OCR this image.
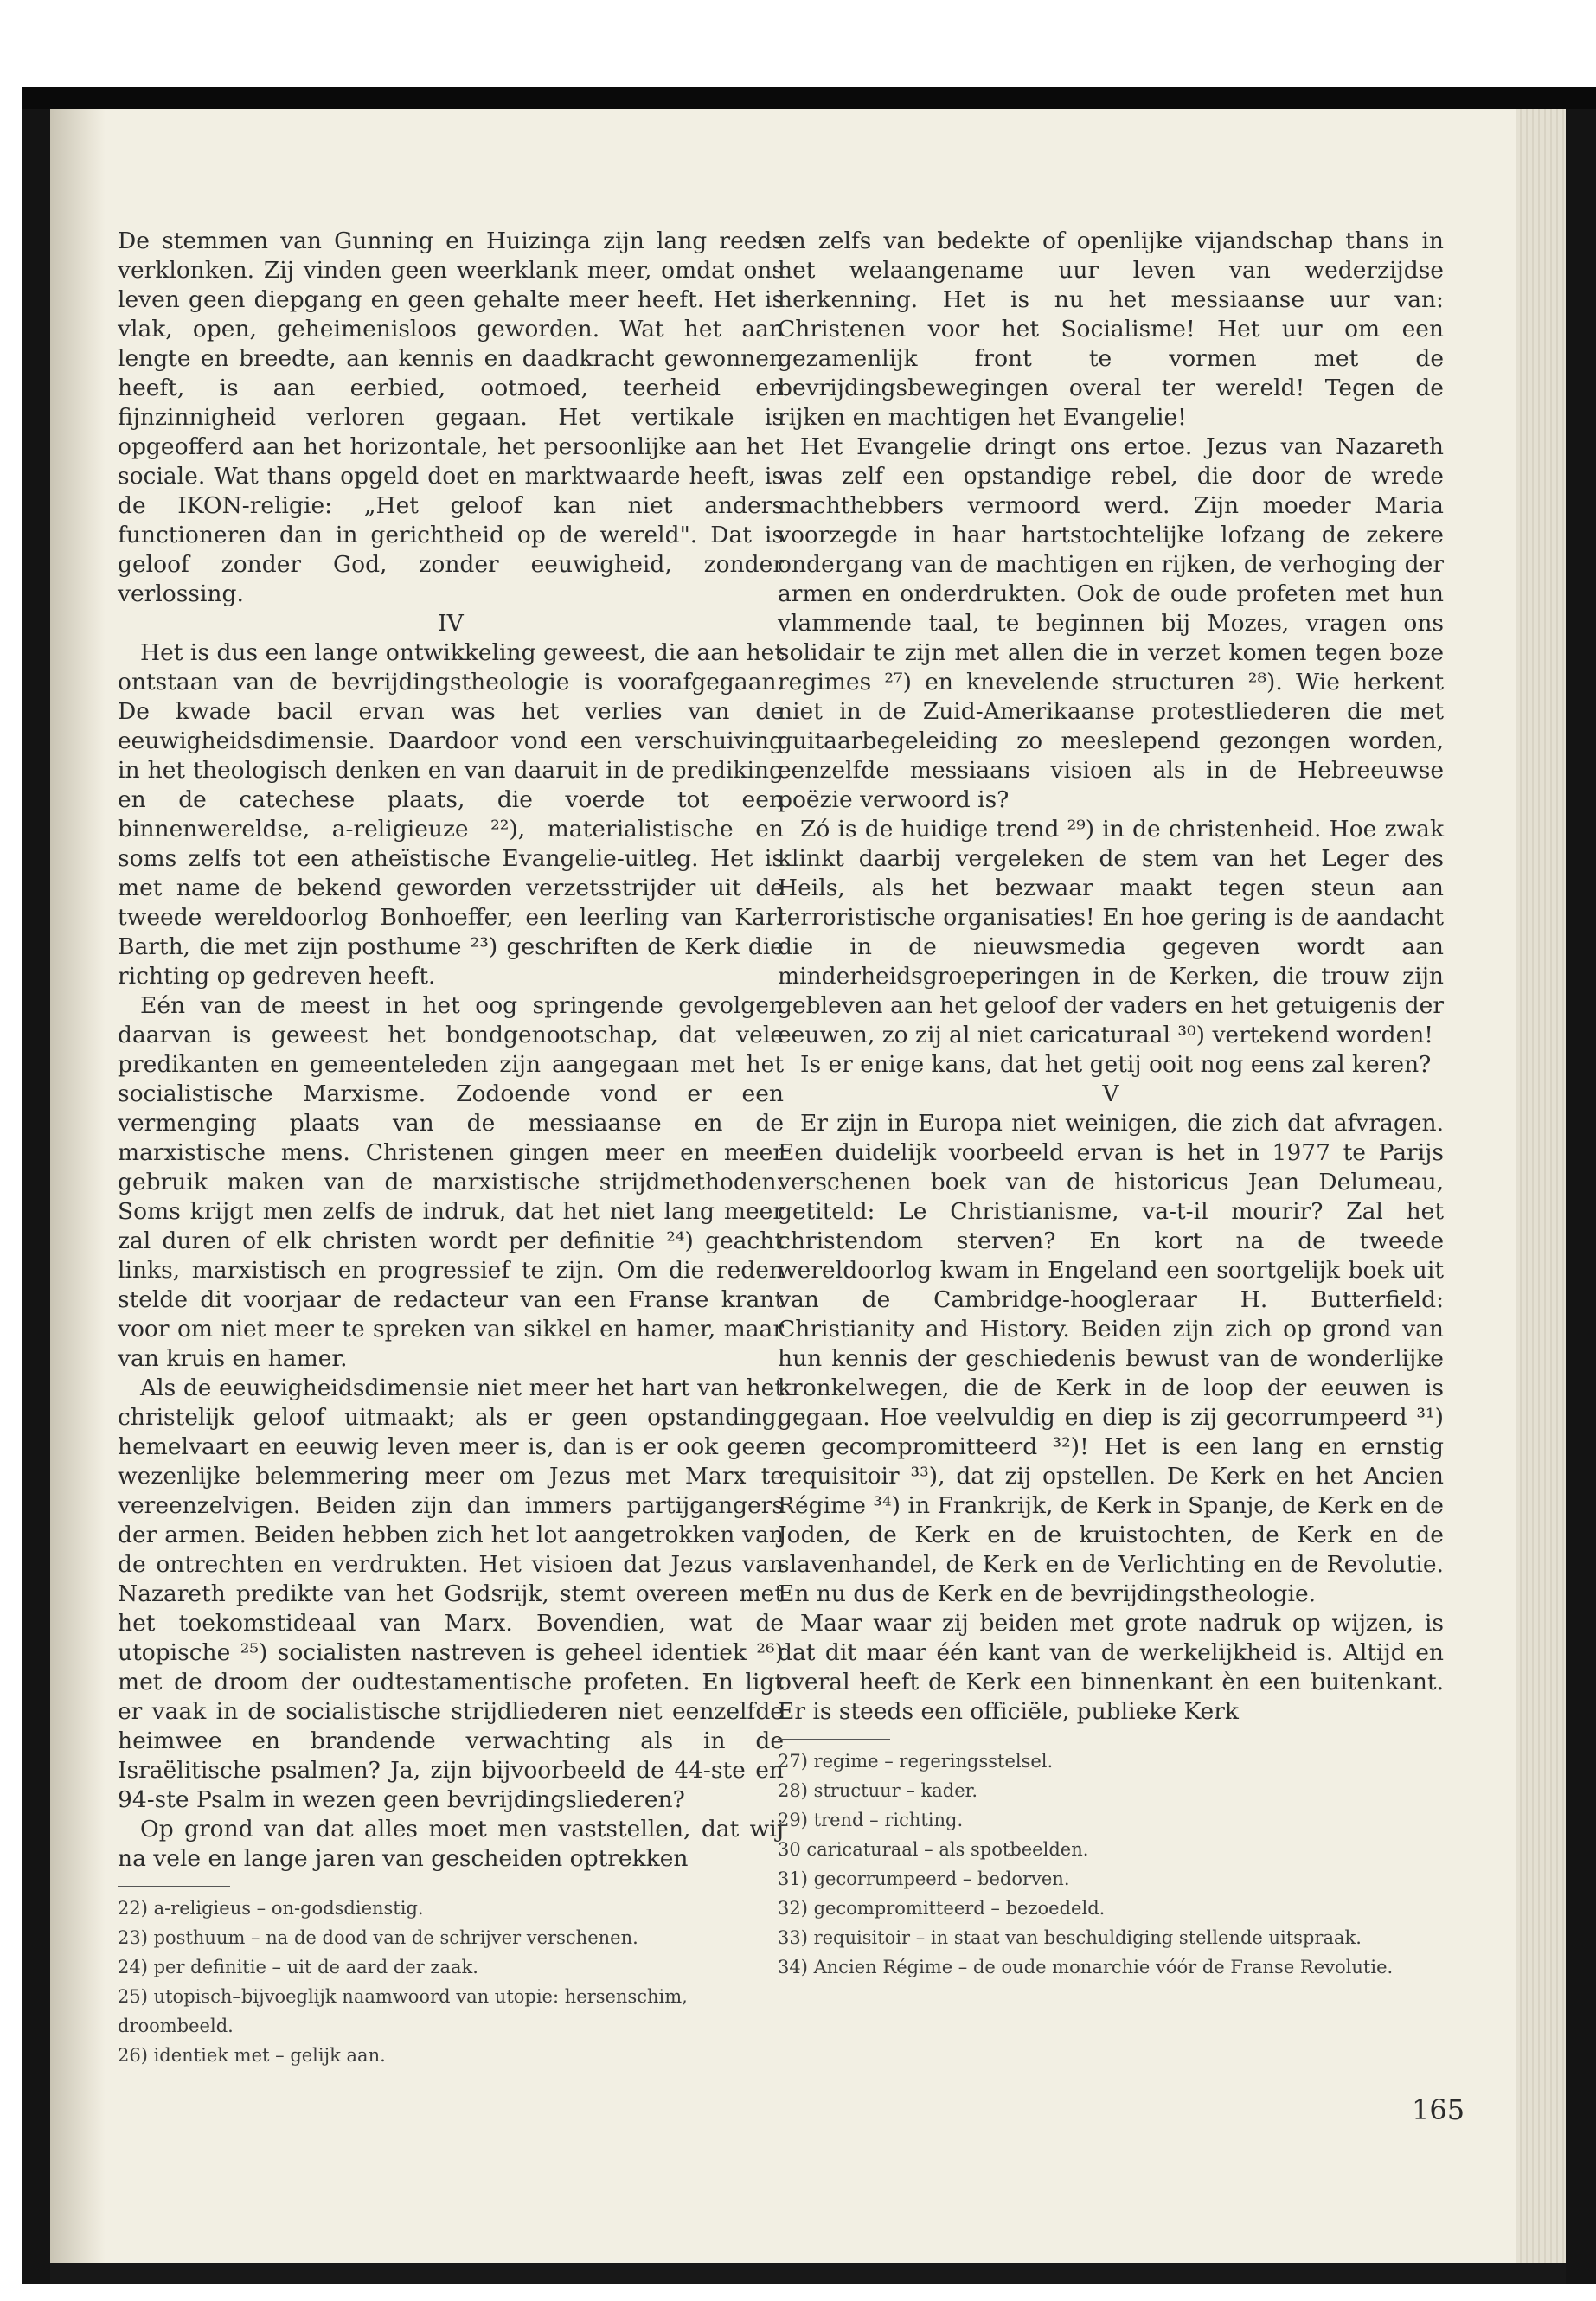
De stemmen van Gunning en Huizinga zijn lang reeds verklonken. Zij vinden geen weerklank meer, omdat ons leven geen diepgang en geen gehalte meer heeft. Het is vlak, open, geheimenisloos geworden. Wat het aan lengte en breedte, aan kennis en daadkracht gewonnen heeft, is aan eerbied, ootmoed, teerheid en fijnzinnigheid verloren gegaan. Het vertikale is opgeofferd aan het horizontale, het persoonlijke aan het sociale. Wat thans opgeld doet en marktwaarde heeft, is de IKON-religie: „Het geloof kan niet anders functioneren dan in gerichtheid op de wereld". Dat is geloof zonder God, zonder eeuwigheid, zonder verlossing.

IV

Het is dus een lange ontwikkeling geweest, die aan het ontstaan van de bevrijdingstheologie is voorafgegaan. De kwade bacil ervan was het verlies van de eeuwigheidsdimensie. Daardoor vond een verschuiving in het theologisch denken en van daaruit in de prediking en de catechese plaats, die voerde tot een binnenwereldse, a-religieuze ²²), materialistische en soms zelfs tot een atheïstische Evangelie-uitleg. Het is met name de bekend geworden verzetsstrijder uit de tweede wereldoorlog Bonhoeffer, een leerling van Karl Barth, die met zijn posthume ²³) geschriften de Kerk die richting op gedreven heeft.

Eén van de meest in het oog springende gevolgen daarvan is geweest het bondgenootschap, dat vele predikanten en gemeenteleden zijn aangegaan met het socialistische Marxisme. Zodoende vond er een vermenging plaats van de messiaanse en de marxistische mens. Christenen gingen meer en meer gebruik maken van de marxistische strijdmethoden. Soms krijgt men zelfs de indruk, dat het niet lang meer zal duren of elk christen wordt per definitie ²⁴) geacht links, marxistisch en progressief te zijn. Om die reden stelde dit voorjaar de redacteur van een Franse krant voor om niet meer te spreken van sikkel en hamer, maar van kruis en hamer.

Als de eeuwigheidsdimensie niet meer het hart van het christelijk geloof uitmaakt; als er geen opstanding, hemelvaart en eeuwig leven meer is, dan is er ook geen wezenlijke belemmering meer om Jezus met Marx te vereenzelvigen. Beiden zijn dan immers partijgangers der armen. Beiden hebben zich het lot aangetrokken van de ontrechten en verdrukten. Het visioen dat Jezus van Nazareth predikte van het Godsrijk, stemt overeen met het toekomstideaal van Marx. Bovendien, wat de utopische ²⁵) socialisten nastreven is geheel identiek ²⁶) met de droom der oudtestamentische profeten. En ligt er vaak in de socialistische strijdliederen niet eenzelfde heimwee en brandende verwachting als in de Israëlitische psalmen? Ja, zijn bijvoorbeeld de 44-ste en 94-ste Psalm in wezen geen bevrijdingsliederen?

Op grond van dat alles moet men vaststellen, dat wij na vele en lange jaren van gescheiden optrekken

22) a-religieus – on-godsdienstig.

23) posthuum – na de dood van de schrijver verschenen.

24) per definitie – uit de aard der zaak.

25) utopisch–bijvoeglijk naamwoord van utopie: hersenschim, droombeeld.

26) identiek met – gelijk aan.

en zelfs van bedekte of openlijke vijandschap thans in het welaangename uur leven van wederzijdse herkenning. Het is nu het messiaanse uur van: Christenen voor het Socialisme! Het uur om een gezamenlijk front te vormen met de bevrijdingsbewegingen overal ter wereld! Tegen de rijken en machtigen het Evangelie!

Het Evangelie dringt ons ertoe. Jezus van Nazareth was zelf een opstandige rebel, die door de wrede machthebbers vermoord werd. Zijn moeder Maria voorzegde in haar hartstochtelijke lofzang de zekere ondergang van de machtigen en rijken, de verhoging der armen en onderdrukten. Ook de oude profeten met hun vlammende taal, te beginnen bij Mozes, vragen ons solidair te zijn met allen die in verzet komen tegen boze regimes ²⁷) en knevelende structuren ²⁸). Wie herkent niet in de Zuid-Amerikaanse protestliederen die met guitaarbegeleiding zo meeslepend gezongen worden, eenzelfde messiaans visioen als in de Hebreeuwse poëzie verwoord is?

Zó is de huidige trend ²⁹) in de christenheid. Hoe zwak klinkt daarbij vergeleken de stem van het Leger des Heils, als het bezwaar maakt tegen steun aan terroristische organisaties! En hoe gering is de aandacht die in de nieuwsmedia gegeven wordt aan minderheidsgroeperingen in de Kerken, die trouw zijn gebleven aan het geloof der vaders en het getuigenis der eeuwen, zo zij al niet caricaturaal ³⁰) vertekend worden!

Is er enige kans, dat het getij ooit nog eens zal keren?

V

Er zijn in Europa niet weinigen, die zich dat afvragen. Een duidelijk voorbeeld ervan is het in 1977 te Parijs verschenen boek van de historicus Jean Delumeau, getiteld: Le Christianisme, va-t-il mourir? Zal het christendom sterven? En kort na de tweede wereldoorlog kwam in Engeland een soortgelijk boek uit van de Cambridge-hoogleraar H. Butterfield: Christianity and History. Beiden zijn zich op grond van hun kennis der geschiedenis bewust van de wonderlijke kronkelwegen, die de Kerk in de loop der eeuwen is gegaan. Hoe veelvuldig en diep is zij gecorrumpeerd ³¹) en gecompromitteerd ³²)! Het is een lang en ernstig requisitoir ³³), dat zij opstellen. De Kerk en het Ancien Régime ³⁴) in Frankrijk, de Kerk in Spanje, de Kerk en de Joden, de Kerk en de kruistochten, de Kerk en de slavenhandel, de Kerk en de Verlichting en de Revolutie. En nu dus de Kerk en de bevrijdingstheologie.

Maar waar zij beiden met grote nadruk op wijzen, is dat dit maar één kant van de werkelijkheid is. Altijd en overal heeft de Kerk een binnenkant èn een buitenkant. Er is steeds een officiële, publieke Kerk

27) regime – regeringsstelsel.

28) structuur – kader.

29) trend – richting.

30 caricaturaal – als spotbeelden.

31) gecorrumpeerd – bedorven.

32) gecompromitteerd – bezoedeld.

33) requisitoir – in staat van beschuldiging stellende uitspraak.

34) Ancien Régime – de oude monarchie vóór de Franse Revolutie.

165
